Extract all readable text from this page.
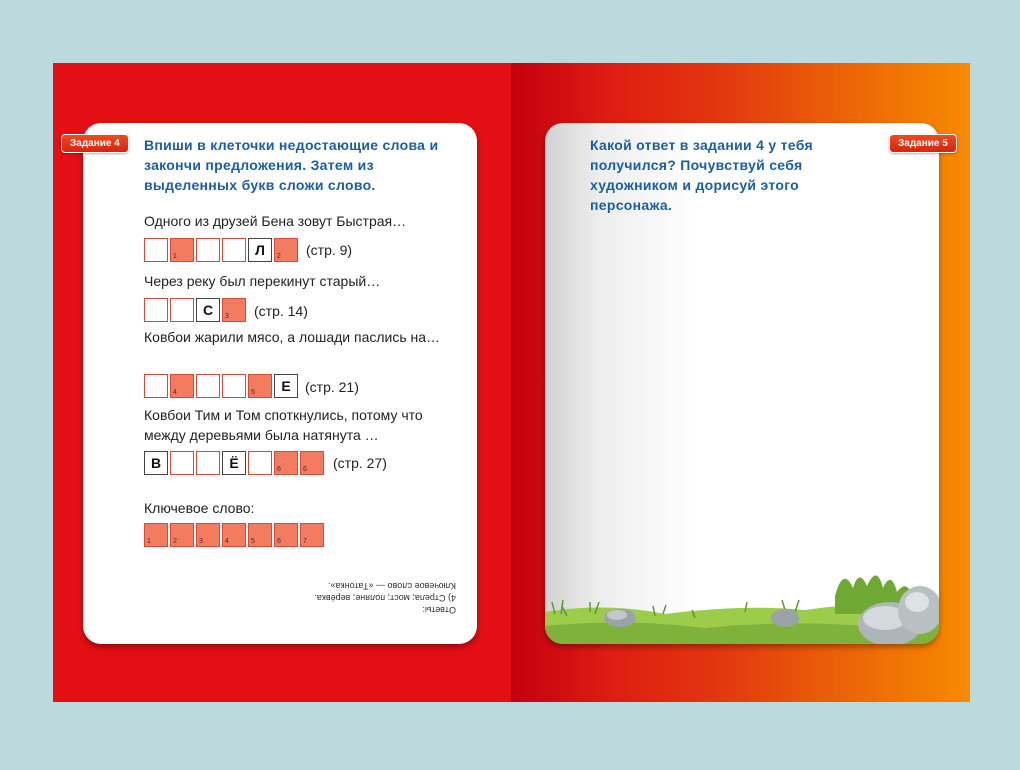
Задание 4	Впиши в клеточки недостающие слова и закончи предложения. Затем из выделенных букв сложи слово.
Одного из друзей Бена зовут Быстрая…
1	Л 2 (стр. 9)
Через реку был перекинут старый…
С 3 (стр. 14)
Ковбои жарили мясо, а лошади паслись на…
4	5 Е (стр. 21)
Ковбои Тим и Том споткнулись, потому что между деревьями была натянута …
В	Ё	6	6 (стр. 27)
Ключевое слово:
1	2	3	4	5	6	7
Ответы:
4) Стрела; мост; поляне; верёвка.
Ключевое слово — «Татонка».
Задание 5
Какой ответ в задании 4 у тебя получился? Почувствуй себя художником и дорисуй этого персонажа.
